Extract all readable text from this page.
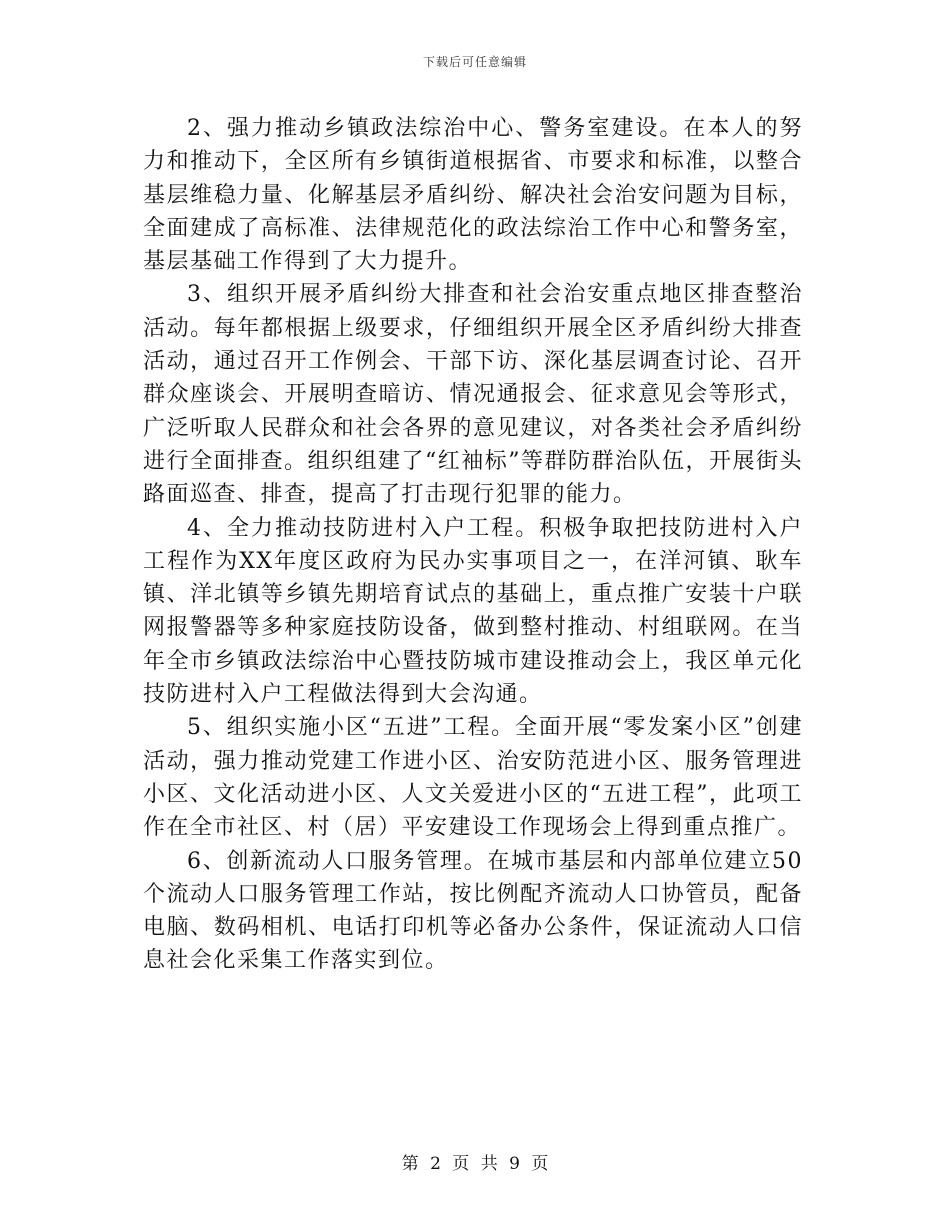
下载后可任意编辑

2、强力推动乡镇政法综治中心、警务室建设。在本人的努力和推动下，全区所有乡镇街道根据省、市要求和标准，以整合基层维稳力量、化解基层矛盾纠纷、解决社会治安问题为目标，全面建成了高标准、法律规范化的政法综治工作中心和警务室，基层基础工作得到了大力提升。

3、组织开展矛盾纠纷大排查和社会治安重点地区排查整治活动。每年都根据上级要求，仔细组织开展全区矛盾纠纷大排查活动，通过召开工作例会、干部下访、深化基层调查讨论、召开群众座谈会、开展明查暗访、情况通报会、征求意见会等形式，广泛听取人民群众和社会各界的意见建议，对各类社会矛盾纠纷进行全面排查。组织组建了“红袖标”等群防群治队伍，开展街头路面巡查、排查，提高了打击现行犯罪的能力。

4、全力推动技防进村入户工程。积极争取把技防进村入户工程作为XX年度区政府为民办实事项目之一，在洋河镇、耿车镇、洋北镇等乡镇先期培育试点的基础上，重点推广安装十户联网报警器等多种家庭技防设备，做到整村推动、村组联网。在当年全市乡镇政法综治中心暨技防城市建设推动会上，我区单元化技防进村入户工程做法得到大会沟通。

5、组织实施小区“五进”工程。全面开展“零发案小区”创建活动，强力推动党建工作进小区、治安防范进小区、服务管理进小区、文化活动进小区、人文关爱进小区的“五进工程”，此项工作在全市社区、村（居）平安建设工作现场会上得到重点推广。

6、创新流动人口服务管理。在城市基层和内部单位建立50个流动人口服务管理工作站，按比例配齐流动人口协管员，配备电脑、数码相机、电话打印机等必备办公条件，保证流动人口信息社会化采集工作落实到位。

第 2 页 共 9 页
